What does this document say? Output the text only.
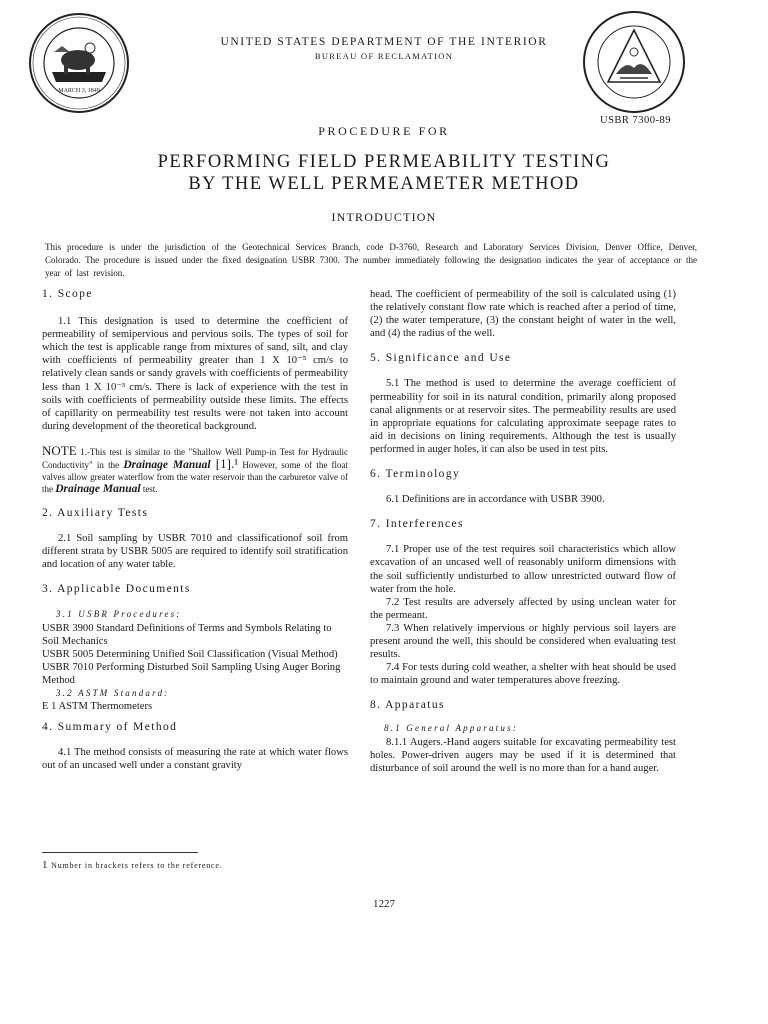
MARCH 3, 1849
UNITED STATES DEPARTMENT OF THE INTERIOR
BUREAU OF RECLAMATION
USBR 7300-89
PROCEDURE FOR
PERFORMING FIELD PERMEABILITY TESTING
BY THE WELL PERMEAMETER METHOD
INTRODUCTION
This procedure is under the jurisdiction of the Geotechnical Services Branch, code D-3760, Research and Laboratory Services Division, Denver Office, Denver, Colorado. The procedure is issued under the fixed designation USBR 7300. The number immediately following the designation indicates the year of acceptance or the year of last revision.
1. Scope

1.1 This designation is used to determine the coefficient of permeability of semipervious and pervious soils. The types of soil for which the test is applicable range from mixtures of sand, silt, and clay with coefficients of permeability greater than 1 X 10⁻⁵ cm/s to relatively clean sands or sandy gravels with coefficients of permeability less than 1 X 10⁻³ cm/s. There is lack of experience with the test in soils with coefficients of permeability outside these limits. The effects of capillarity on permeability test results were not taken into account during development of the theoretical background.

NOTE 1.-This test is similar to the "Shallow Well Pump-in Test for Hydraulic Conductivity" in the Drainage Manual [1].¹ However, some of the float valves allow greater waterflow from the water reservoir than the carburetor valve of the Drainage Manual test.

2. Auxiliary Tests

2.1 Soil sampling by USBR 7010 and classificationof soil from different strata by USBR 5005 are required to identify soil stratification and location of any water table.

3. Applicable Documents

3.1 USBR Procedures:

USBR 3900 Standard Definitions of Terms and Symbols Relating to Soil Mechanics

USBR 5005 Determining Unified Soil Classification (Visual Method)

USBR 7010 Performing Disturbed Soil Sampling Using Auger Boring Method

3.2 ASTM Standard:

E 1 ASTM Thermometers

4. Summary of Method

4.1 The method consists of measuring the rate at which water flows out of an uncased well under a constant gravity

head. The coefficient of permeability of the soil is calculated using (1) the relatively constant flow rate which is reached after a period of time, (2) the water temperature, (3) the constant height of water in the well, and (4) the radius of the well.

5. Significance and Use

5.1 The method is used to determine the average coefficient of permeability for soil in its natural condition, primarily along proposed canal alignments or at reservoir sites. The permeability results are used in appropriate equations for calculating approximate seepage rates to aid in decisions on lining requirements. Although the test is usually performed in auger holes, it can also be used in test pits.

6. Terminology

6.1 Definitions are in accordance with USBR 3900.

7. Interferences

7.1 Proper use of the test requires soil characteristics which allow excavation of an uncased well of reasonably uniform dimensions with the soil sufficiently undisturbed to allow unrestricted outward flow of water from the hole.

7.2 Test results are adversely affected by using unclean water for the permeant.

7.3 When relatively impervious or highly pervious soil layers are present around the well, this should be considered when evaluating test results.

7.4 For tests during cold weather, a shelter with heat should be used to maintain ground and water temperatures above freezing.

8. Apparatus

8.1 General Apparatus:

8.1.1 Augers.-Hand augers suitable for excavating permeability test holes. Power-driven augers may be used if it is determined that disturbance of soil around the well is no more than for a hand auger.

1 Number in brackets refers to the reference.
1227
